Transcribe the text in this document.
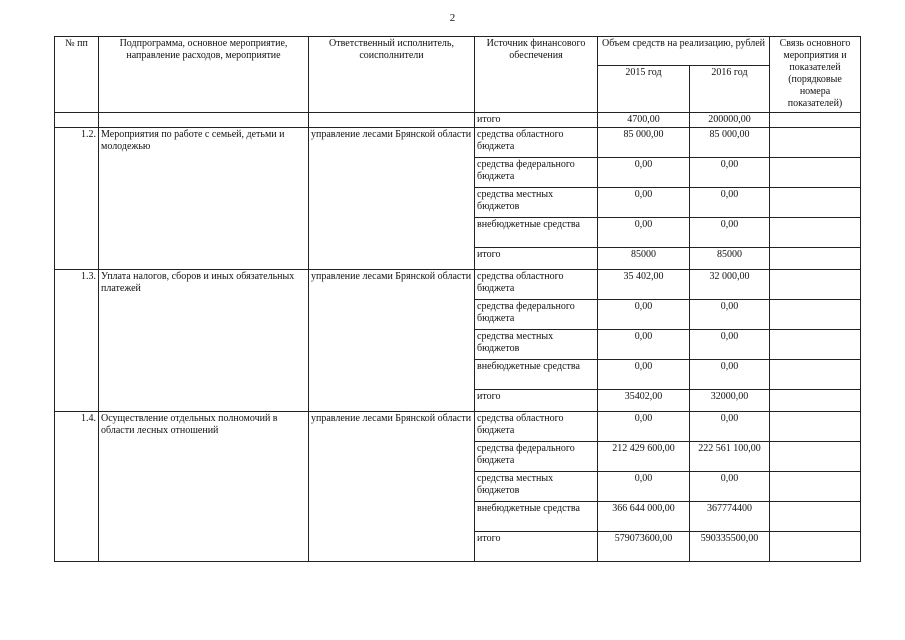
2
№ пп	Подпрограмма, основное мероприятие, направление расходов, мероприятие	Ответственный исполнитель, соисполнители	Источник финансового обеспечения	Объем средств на реализацию, рублей		Связь основного мероприятия и показателей (порядковые номера показателей)
				2015 год	2016 год	
			итого	4700,00	200000,00	
1.2.	Мероприятия по работе с семьей, детьми и молодежью	управление лесами Брянской области	средства областного бюджета	85 000,00	85 000,00	
			средства федерального бюджета	0,00	0,00	
			средства местных бюджетов	0,00	0,00	
			внебюджетные средства	0,00	0,00	
			итого	85000	85000	
1.3.	Уплата налогов, сборов и иных обязательных платежей	управление лесами Брянской области	средства областного бюджета	35 402,00	32 000,00	
			средства федерального бюджета	0,00	0,00	
			средства местных бюджетов	0,00	0,00	
			внебюджетные средства	0,00	0,00	
			итого	35402,00	32000,00	
1.4.	Осуществление отдельных полномочий в области лесных отношений	управление лесами Брянской области	средства областного бюджета	0,00	0,00	
			средства федерального бюджета	212 429 600,00	222 561 100,00	
			средства местных бюджетов	0,00	0,00	
			внебюджетные средства	366 644 000,00	367774400	
			итого	579073600,00	590335500,00	
